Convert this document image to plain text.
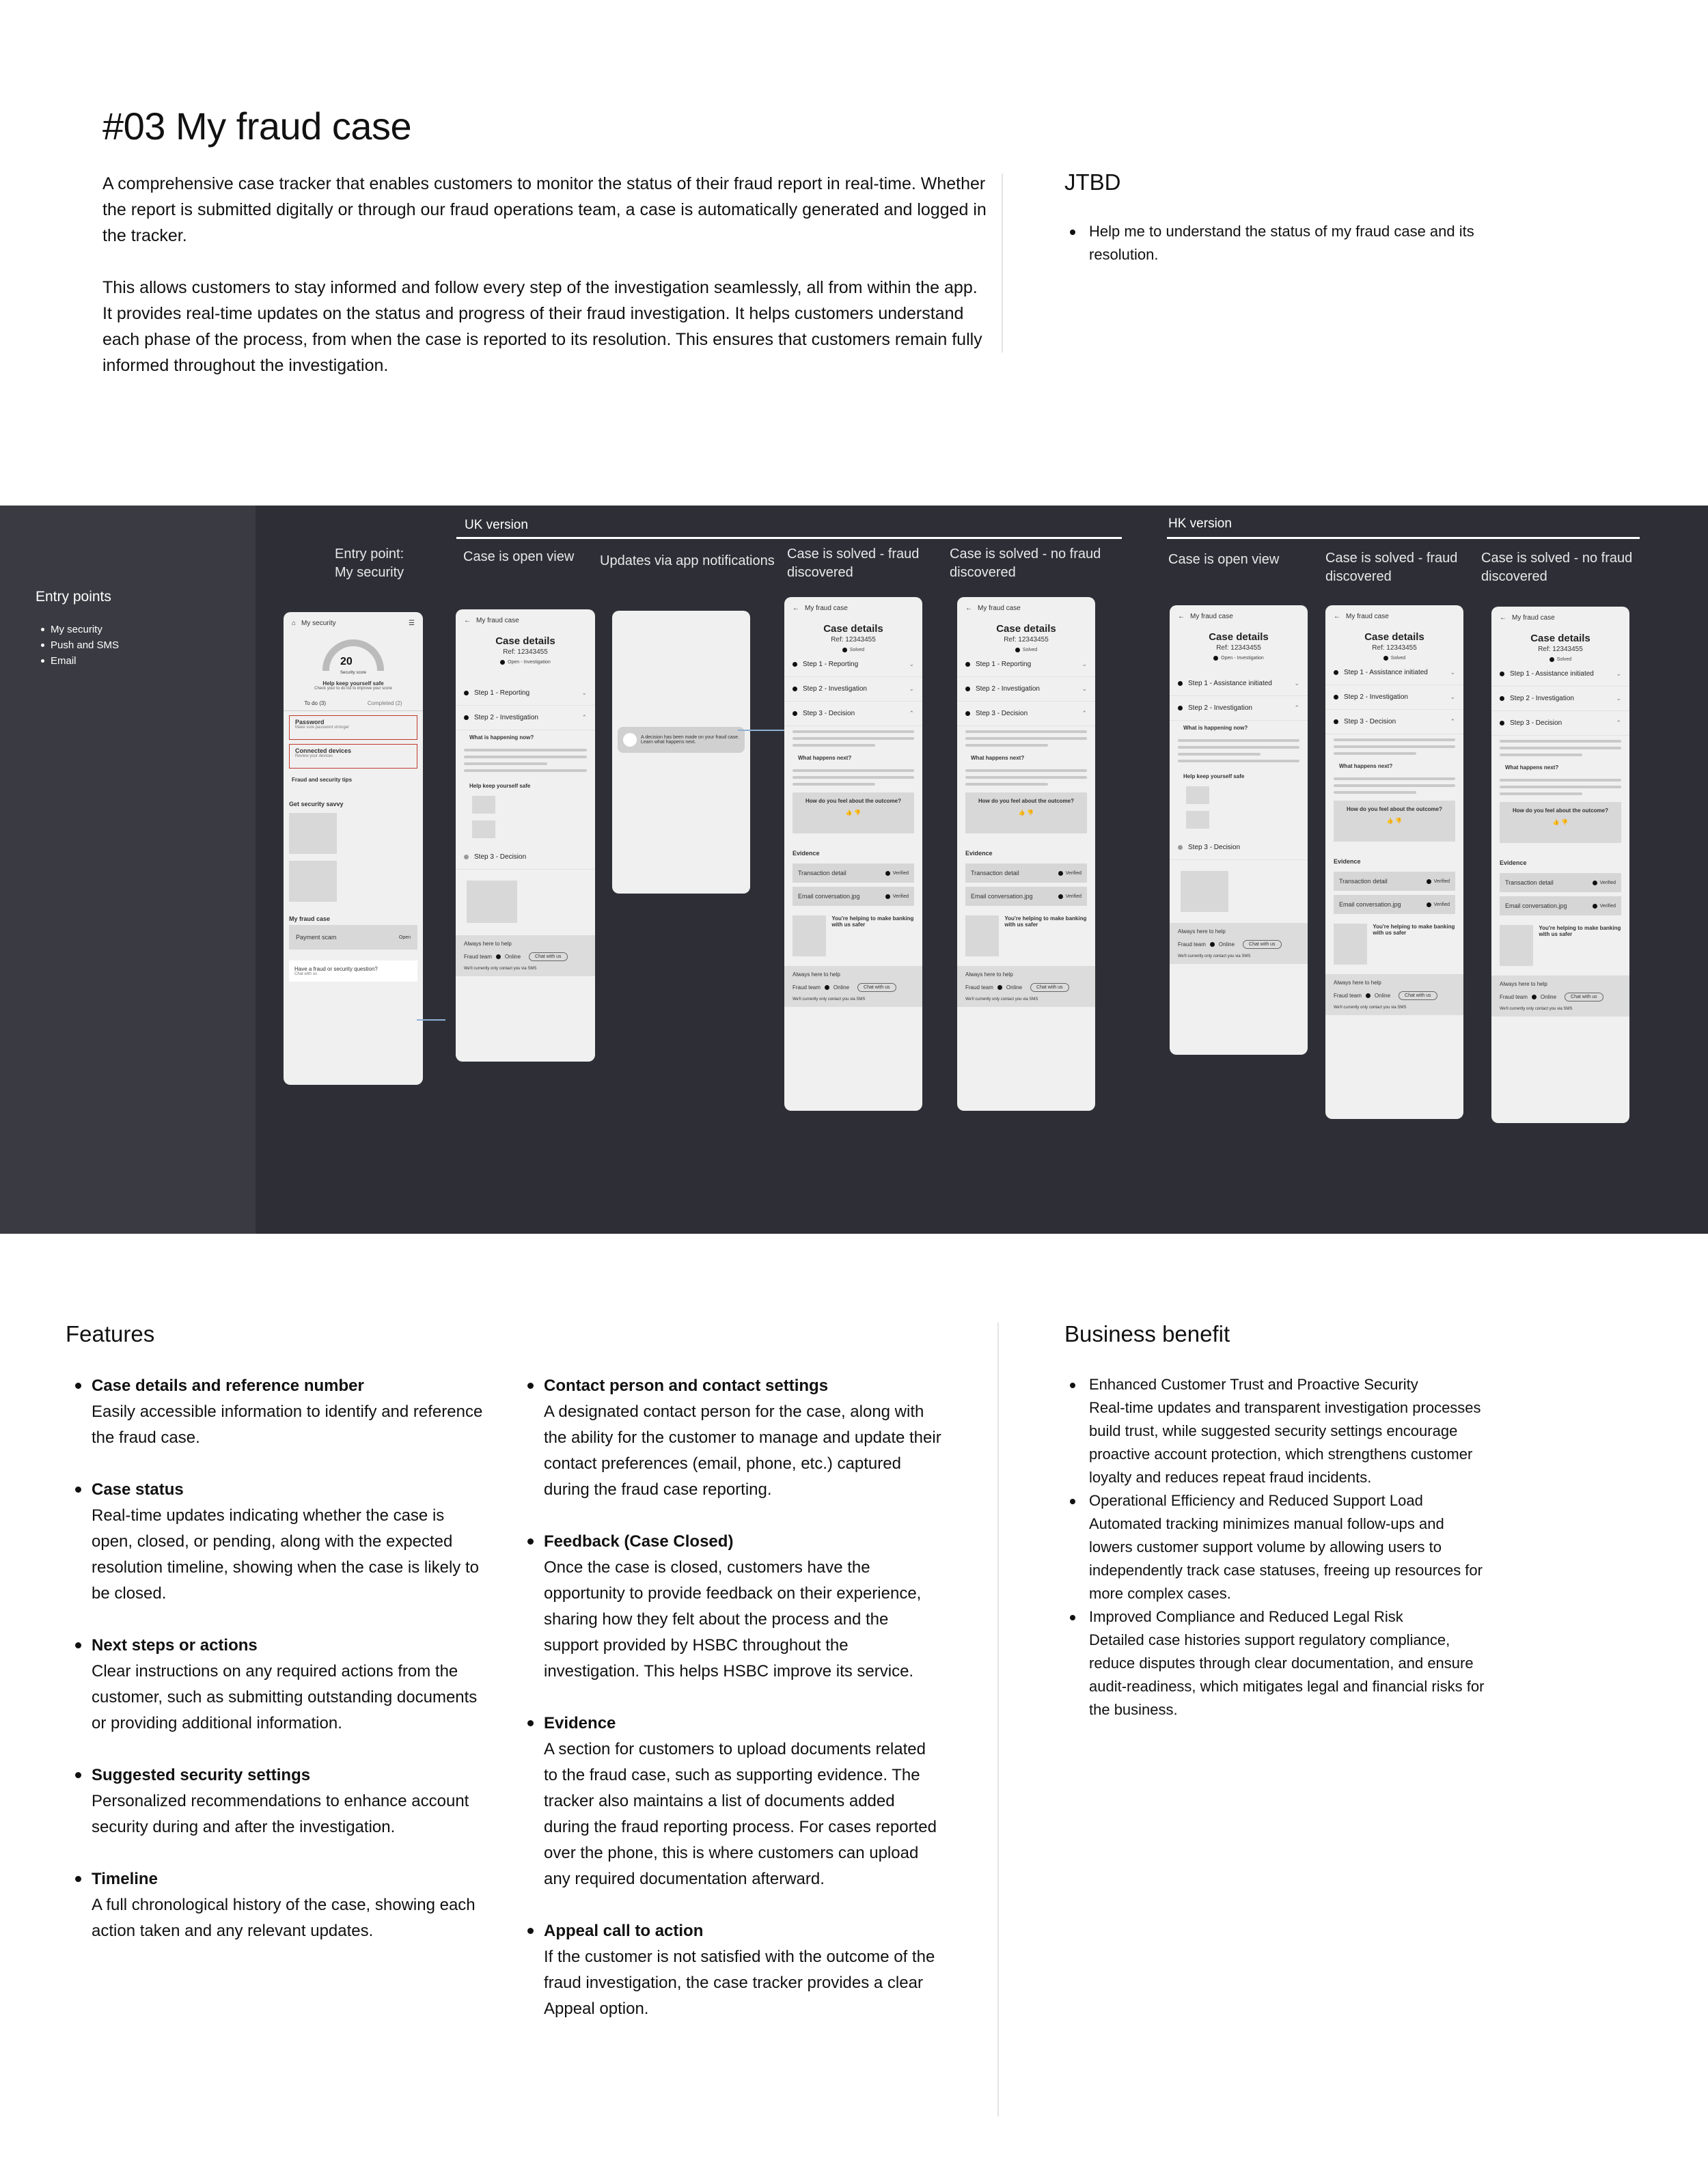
#03 My fraud case

A comprehensive case tracker that enables customers to monitor the status of their fraud report in real-time. Whether the report is submitted digitally or through our fraud operations team, a case is automatically generated and logged in the tracker.

This allows customers to stay informed and follow every step of the investigation seamlessly, all from within the app. It provides real-time updates on the status and progress of their fraud investigation. It helps customers understand each phase of the process, from when the case is reported to its resolution. This ensures that customers remain fully informed throughout the investigation.

JTBD
Help me to understand the status of my fraud case and its resolution.
Entry points
My security
Push and SMS
Email
UK version	HK version
Entry point:
My security
Case is open view Updates via app notifications Case is solved - fraud
discovered
Case is solved - no fraud
discovered
Case is open view	Case is solved - fraud
discovered
Case is solved - no fraud
discovered
⌂ My security	☰
20
Security score
Help keep yourself safe
Check your to do list to improve your score
To do (3)	Completed (2)
Password
Make sure password stronger
Connected devices
Review your devices
Fraud and security tips
Get security savvy
My fraud case
Payment scam	Open
Have a fraud or security question?
Chat with us
← My fraud case
Case details
Ref: 12343455
Open - Investigation
Step 1 - Reporting	⌄
Step 2 - Investigation	⌃
What is happening now?
Help keep yourself safe
Step 3 - Decision
Always here to help
Fraud team Online	Chat with us
We'll currently only contact you via SMS
A decision has been made on your fraud case. Learn what happens next.
← My fraud case
Case details
Ref: 12343455
Solved
Step 1 - Reporting	⌄
Step 2 - Investigation	⌄
Step 3 - Decision	⌃
What happens next?
How do you feel about the outcome?
👍 👎
Evidence
Transaction detail	Verified
Email conversation.jpg	Verified
You're helping to make banking with us safer
Always here to help
Fraud team Online	Chat with us
We'll currently only contact you via SMS
← My fraud case
Case details
Ref: 12343455
Solved
Step 1 - Reporting	⌄
Step 2 - Investigation	⌄
Step 3 - Decision	⌃
What happens next?
How do you feel about the outcome?
👍 👎
Evidence
Transaction detail	Verified
Email conversation.jpg	Verified
You're helping to make banking with us safer
Always here to help
Fraud team Online	Chat with us
We'll currently only contact you via SMS
← My fraud case
Case details
Ref: 12343455
Open - Investigation
Step 1 - Assistance initiated	⌄
Step 2 - Investigation	⌃
What is happening now?
Help keep yourself safe
Step 3 - Decision
Always here to help
Fraud team Online	Chat with us
We'll currently only contact you via SMS
← My fraud case
Case details
Ref: 12343455
Solved
Step 1 - Assistance initiated	⌄
Step 2 - Investigation	⌄
Step 3 - Decision	⌃
What happens next?
How do you feel about the outcome?
👍 👎
Evidence
Transaction detail	Verified
Email conversation.jpg	Verified
You're helping to make banking with us safer
Always here to help
Fraud team Online	Chat with us
We'll currently only contact you via SMS
← My fraud case
Case details
Ref: 12343455
Solved
Step 1 - Assistance initiated	⌄
Step 2 - Investigation	⌄
Step 3 - Decision	⌃
What happens next?
How do you feel about the outcome?
👍 👎
Evidence
Transaction detail	Verified
Email conversation.jpg	Verified
You're helping to make banking with us safer
Always here to help
Fraud team Online	Chat with us
We'll currently only contact you via SMS
Features
Case details and reference number
Easily accessible information to identify and reference the fraud case.
Case status
Real-time updates indicating whether the case is open, closed, or pending, along with the expected resolution timeline, showing when the case is likely to be closed.
Next steps or actions
Clear instructions on any required actions from the customer, such as submitting outstanding documents or providing additional information.
Suggested security settings
Personalized recommendations to enhance account security during and after the investigation.
Timeline
A full chronological history of the case, showing each action taken and any relevant updates.
Contact person and contact settings
A designated contact person for the case, along with the ability for the customer to manage and update their contact preferences (email, phone, etc.) captured during the fraud case reporting.
Feedback (Case Closed)
Once the case is closed, customers have the opportunity to provide feedback on their experience, sharing how they felt about the process and the support provided by HSBC throughout the investigation. This helps HSBC improve its service.
Evidence
A section for customers to upload documents related to the fraud case, such as supporting evidence. The tracker also maintains a list of documents added during the fraud reporting process. For cases reported over the phone, this is where customers can upload any required documentation afterward.
Appeal call to action
If the customer is not satisfied with the outcome of the fraud investigation, the case tracker provides a clear Appeal option.
Business benefit
Enhanced Customer Trust and Proactive Security
Real-time updates and transparent investigation processes build trust, while suggested security settings encourage proactive account protection, which strengthens customer loyalty and reduces repeat fraud incidents.
Operational Efficiency and Reduced Support Load
Automated tracking minimizes manual follow-ups and lowers customer support volume by allowing users to independently track case statuses, freeing up resources for more complex cases.
Improved Compliance and Reduced Legal Risk
Detailed case histories support regulatory compliance, reduce disputes through clear documentation, and ensure audit-readiness, which mitigates legal and financial risks for the business.
